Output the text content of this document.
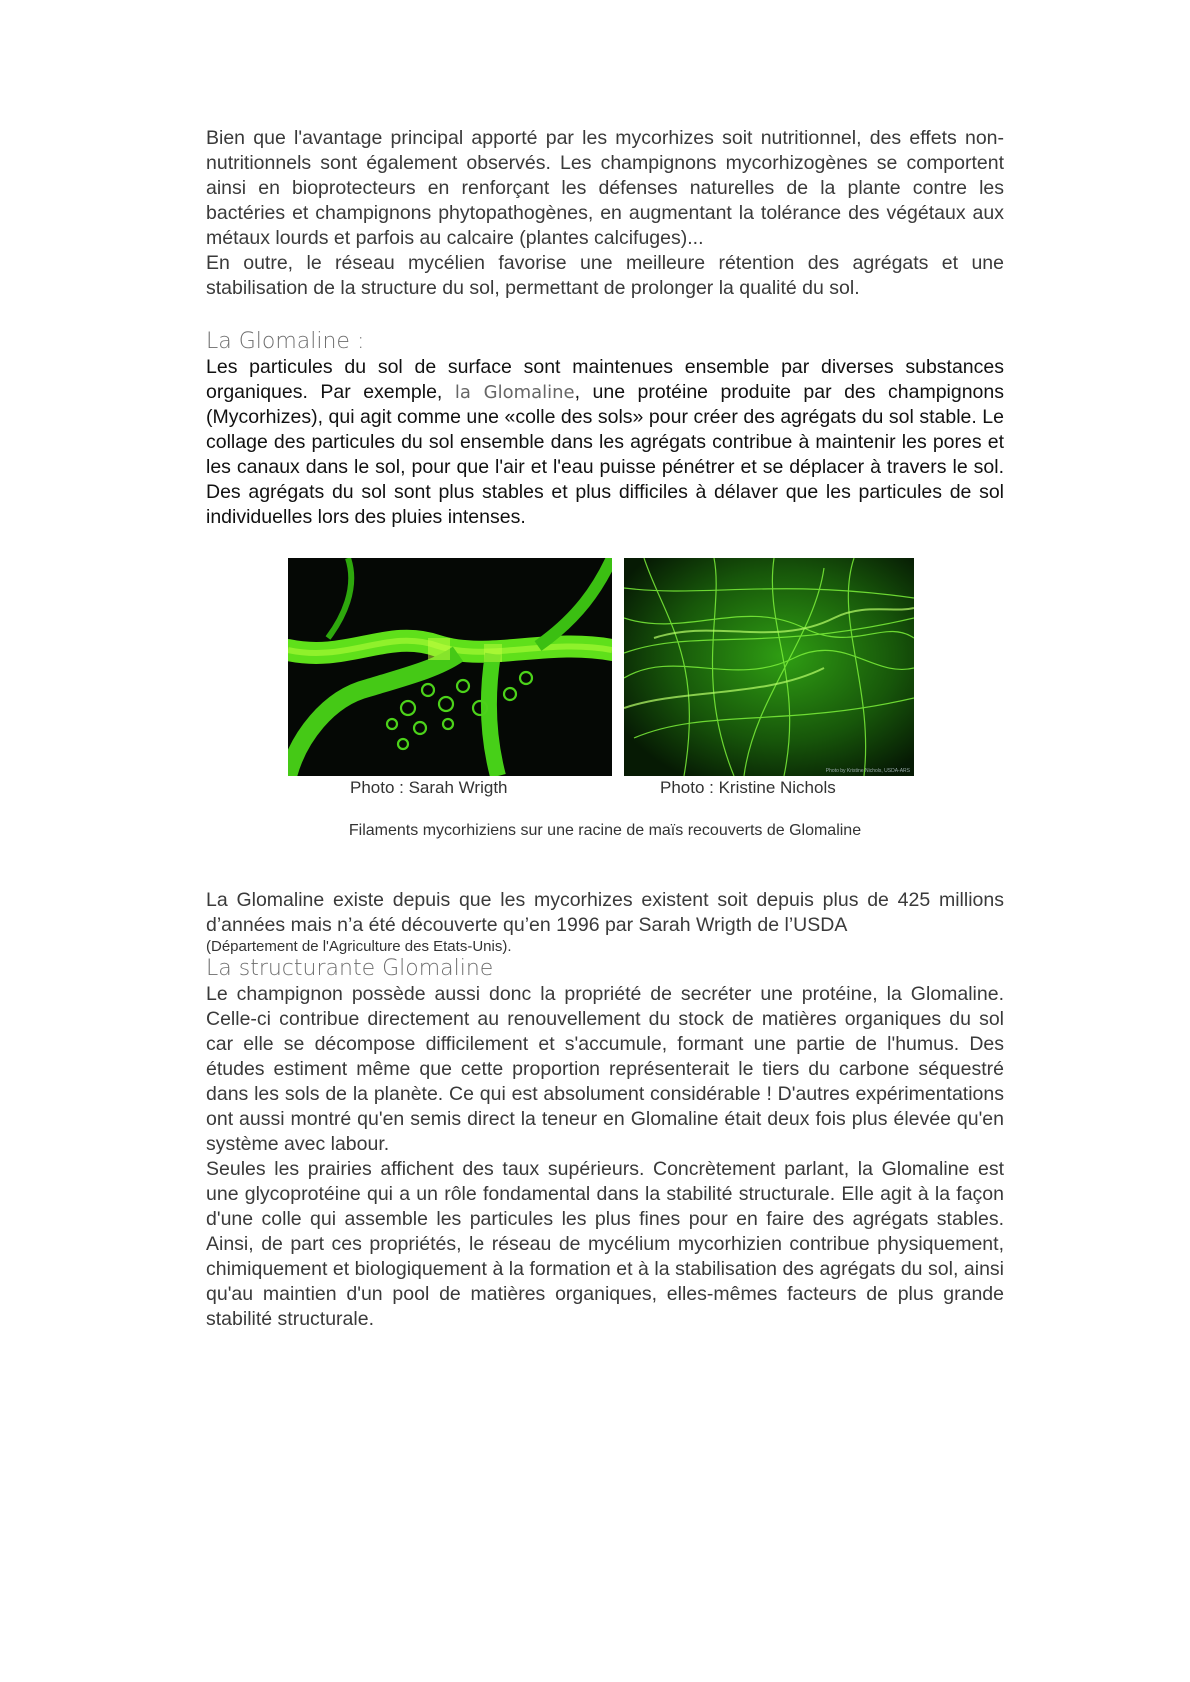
Bien que l'avantage principal apporté par les mycorhizes soit nutritionnel, des effets non-nutritionnels sont également observés. Les champignons mycorhizogènes se comportent ainsi en bioprotecteurs en renforçant les défenses naturelles de la plante contre les bactéries et champignons phytopathogènes, en augmentant la tolérance des végétaux aux métaux lourds et parfois au calcaire (plantes calcifuges)...

En outre, le réseau mycélien favorise une meilleure rétention des agrégats et une stabilisation de la structure du sol, permettant de prolonger la qualité du sol.

La Glomaline :

Les particules du sol de surface sont maintenues ensemble par diverses substances organiques. Par exemple, la Glomaline, une protéine produite par des champignons (Mycorhizes), qui agit comme une «colle des sols» pour créer des agrégats du sol stable. Le collage des particules du sol ensemble dans les agrégats contribue à maintenir les pores et les canaux dans le sol, pour que l'air et l'eau puisse pénétrer et se déplacer à travers le sol. Des agrégats du sol sont plus stables et plus difficiles à délaver que les particules de sol individuelles lors des pluies intenses.

Photo by Kristine Nichols, USDA-ARS
Photo : Sarah Wrigth	Photo : Kristine Nichols
Filaments mycorhiziens sur une racine de maïs recouverts de Glomaline

La Glomaline existe depuis que les mycorhizes existent soit depuis plus de 425 millions d’années mais n’a été découverte qu’en 1996 par Sarah Wrigth de l’USDA

(Département de l'Agriculture des Etats-Unis).

La structurante Glomaline

Le champignon possède aussi donc la propriété de secréter une protéine, la Glomaline. Celle-ci contribue directement au renouvellement du stock de matières organiques du sol car elle se décompose difficilement et s'accumule, formant une partie de l'humus. Des études estiment même que cette proportion représenterait le tiers du carbone séquestré dans les sols de la planète. Ce qui est absolument considérable ! D'autres expérimentations ont aussi montré qu'en semis direct la teneur en Glomaline était deux fois plus élevée qu'en système avec labour.

Seules les prairies affichent des taux supérieurs. Concrètement parlant, la Glomaline est une glycoprotéine qui a un rôle fondamental dans la stabilité structurale. Elle agit à la façon d'une colle qui assemble les particules les plus fines pour en faire des agrégats stables. Ainsi, de part ces propriétés, le réseau de mycélium mycorhizien contribue physiquement, chimiquement et biologiquement à la formation et à la stabilisation des agrégats du sol, ainsi qu'au maintien d'un pool de matières organiques, elles-mêmes facteurs de plus grande stabilité structurale.
